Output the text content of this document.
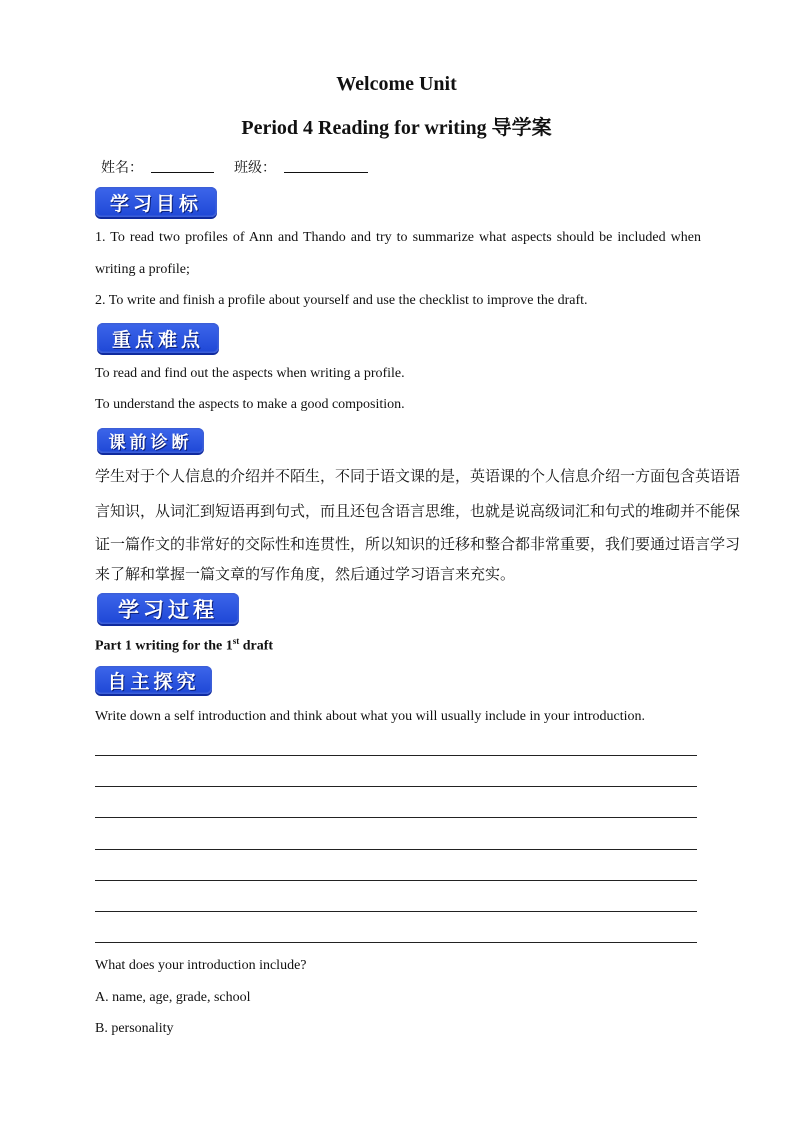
Welcome Unit
Period 4 Reading for writing 导学案
姓名：	班级：
学习目标
1. To read two profiles of Ann and Thando and try to summarize what aspects should be included when
writing a profile;
2. To write and finish a profile about yourself and use the checklist to improve the draft.
重点难点
To read and find out the aspects when writing a profile.
To understand the aspects to make a good composition.
课前诊断
学生对于个人信息的介绍并不陌生，不同于语文课的是，英语课的个人信息介绍一方面包含英语语
言知识，从词汇到短语再到句式，而且还包含语言思维，也就是说高级词汇和句式的堆砌并不能保
证一篇作文的非常好的交际性和连贯性，所以知识的迁移和整合都非常重要，我们要通过语言学习
来了解和掌握一篇文章的写作角度，然后通过学习语言来充实。
学习过程
Part 1 writing for the 1st draft
自主探究
Write down a self introduction and think about what you will usually include in your introduction.
What does your introduction include?
A. name, age, grade, school
B. personality
